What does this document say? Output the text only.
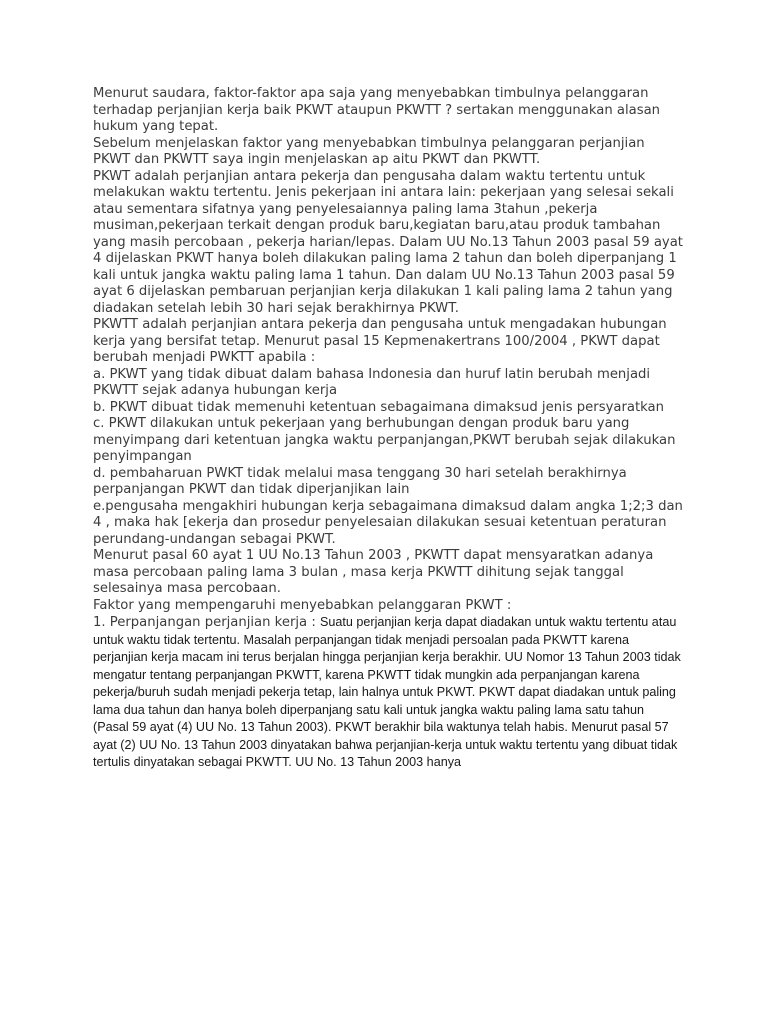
Menurut saudara, faktor-faktor apa saja yang menyebabkan timbulnya pelanggaran terhadap perjanjian kerja baik PKWT ataupun PKWTT ? sertakan menggunakan alasan hukum yang tepat.

Sebelum menjelaskan faktor yang menyebabkan timbulnya pelanggaran perjanjian PKWT dan PKWTT saya ingin menjelaskan ap aitu PKWT dan PKWTT.

PKWT adalah perjanjian antara pekerja dan pengusaha dalam waktu tertentu untuk melakukan waktu tertentu. Jenis pekerjaan ini antara lain: pekerjaan yang selesai sekali atau sementara sifatnya yang penyelesaiannya paling lama 3tahun ,pekerja musiman,pekerjaan terkait dengan produk baru,kegiatan baru,atau produk tambahan yang masih percobaan , pekerja harian/lepas. Dalam UU No.13 Tahun 2003 pasal 59 ayat 4 dijelaskan PKWT hanya boleh dilakukan paling lama 2 tahun dan boleh diperpanjang 1 kali untuk jangka waktu paling lama 1 tahun. Dan dalam UU No.13 Tahun 2003 pasal 59 ayat 6 dijelaskan pembaruan perjanjian kerja dilakukan 1 kali paling lama 2 tahun yang diadakan setelah lebih 30 hari sejak berakhirnya PKWT.

PKWTT adalah perjanjian antara pekerja dan pengusaha untuk mengadakan hubungan kerja yang bersifat tetap. Menurut pasal 15 Kepmenakertrans 100/2004 , PKWT dapat berubah menjadi PWKTT apabila :

a. PKWT yang tidak dibuat dalam bahasa Indonesia dan huruf latin berubah menjadi PKWTT sejak adanya hubungan kerja

b. PKWT dibuat tidak memenuhi ketentuan sebagaimana dimaksud jenis persyaratkan

c. PKWT dilakukan untuk pekerjaan yang berhubungan dengan produk baru yang menyimpang dari ketentuan jangka waktu perpanjangan,PKWT berubah sejak dilakukan penyimpangan

d. pembaharuan PWKT tidak melalui masa tenggang 30 hari setelah berakhirnya perpanjangan PKWT dan tidak diperjanjikan lain

e.pengusaha mengakhiri hubungan kerja sebagaimana dimaksud dalam angka 1;2;3 dan 4 , maka hak [ekerja dan prosedur penyelesaian dilakukan sesuai ketentuan peraturan perundang-undangan sebagai PKWT.

Menurut pasal 60 ayat 1 UU No.13 Tahun 2003 , PKWTT dapat mensyaratkan adanya masa percobaan paling lama 3 bulan , masa kerja PKWTT dihitung sejak tanggal selesainya masa percobaan.

Faktor yang mempengaruhi menyebabkan pelanggaran PKWT :

1. Perpanjangan perjanjian kerja : Suatu perjanjian kerja dapat diadakan untuk waktu tertentu atau untuk waktu tidak tertentu. Masalah perpanjangan tidak menjadi persoalan pada PKWTT karena perjanjian kerja macam ini terus berjalan hingga perjanjian kerja berakhir. UU Nomor 13 Tahun 2003 tidak mengatur tentang perpanjangan PKWTT, karena PKWTT tidak mungkin ada perpanjangan karena pekerja/buruh sudah menjadi pekerja tetap, lain halnya untuk PKWT. PKWT dapat diadakan untuk paling lama dua tahun dan hanya boleh diperpanjang satu kali untuk jangka waktu paling lama satu tahun (Pasal 59 ayat (4) UU No. 13 Tahun 2003). PKWT berakhir bila waktunya telah habis. Menurut pasal 57 ayat (2) UU No. 13 Tahun 2003 dinyatakan bahwa perjanjian-kerja untuk waktu tertentu yang dibuat tidak tertulis dinyatakan sebagai PKWTT. UU No. 13 Tahun 2003 hanya
